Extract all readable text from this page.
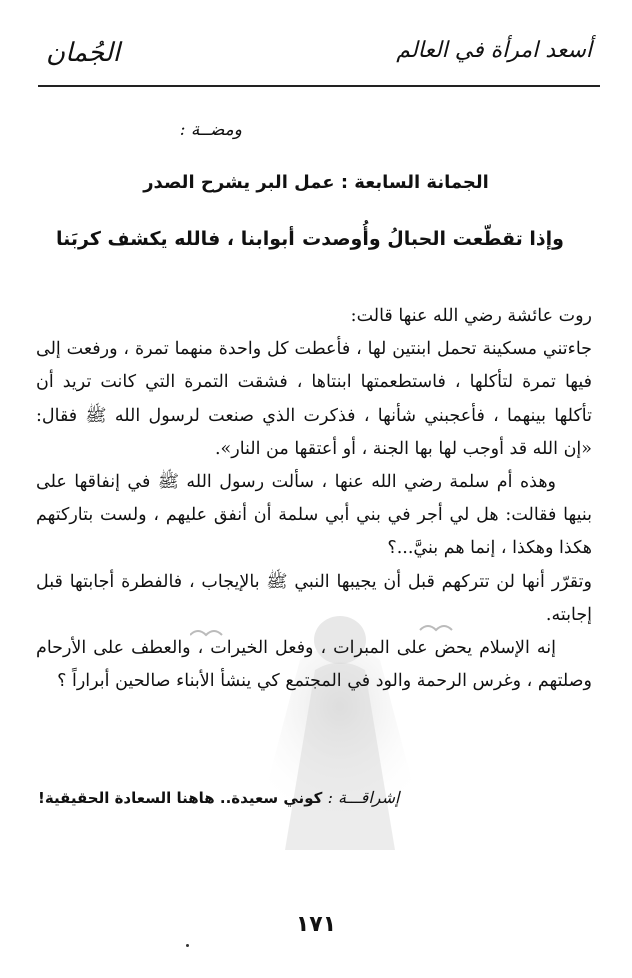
أسعد امرأة في العالم
الجُمان
ومضــة :
الجمانة السابعة : عمل البر يشرح الصدر
وإذا تقطّعت الحبالُ وأُوصدت
أبوابنا ، فالله يكشف كربَنا

روت عائشة رضي الله عنها قالت:

جاءتني مسكينة تحمل ابنتين لها ، فأعطت كل واحدة منهما تمرة ، ورفعت إلى فيها تمرة لتأكلها ، فاستطعمتها ابنتاها ، فشقت التمرة التي كانت تريد أن تأكلها بينهما ، فأعجبني شأنها ، فذكرت الذي صنعت لرسول الله ﷺ فقال: «إن الله قد أوجب لها بها الجنة ، أو أعتقها من النار».

وهذه أم سلمة رضي الله عنها ، سألت رسول الله ﷺ في إنفاقها على بنيها فقالت: هل لي أجر في بني أبي سلمة أن أنفق عليهم ، ولست بتاركتهم هكذا وهكذا ، إنما هم بنيَّ...؟

وتقرّر أنها لن تتركهم قبل أن يجيبها النبي ﷺ بالإيجاب ، فالفطرة أجابتها قبل إجابته.

إنه الإسلام يحض على المبرات ، وفعل الخيرات ، والعطف على الأرحام وصلتهم ، وغرس الرحمة والود في المجتمع كي ينشأ الأبناء صالحين أبراراً ؟

إشراقـــة : كوني سعيدة.. هاهنا السعادة الحقيقية!
١٧١
